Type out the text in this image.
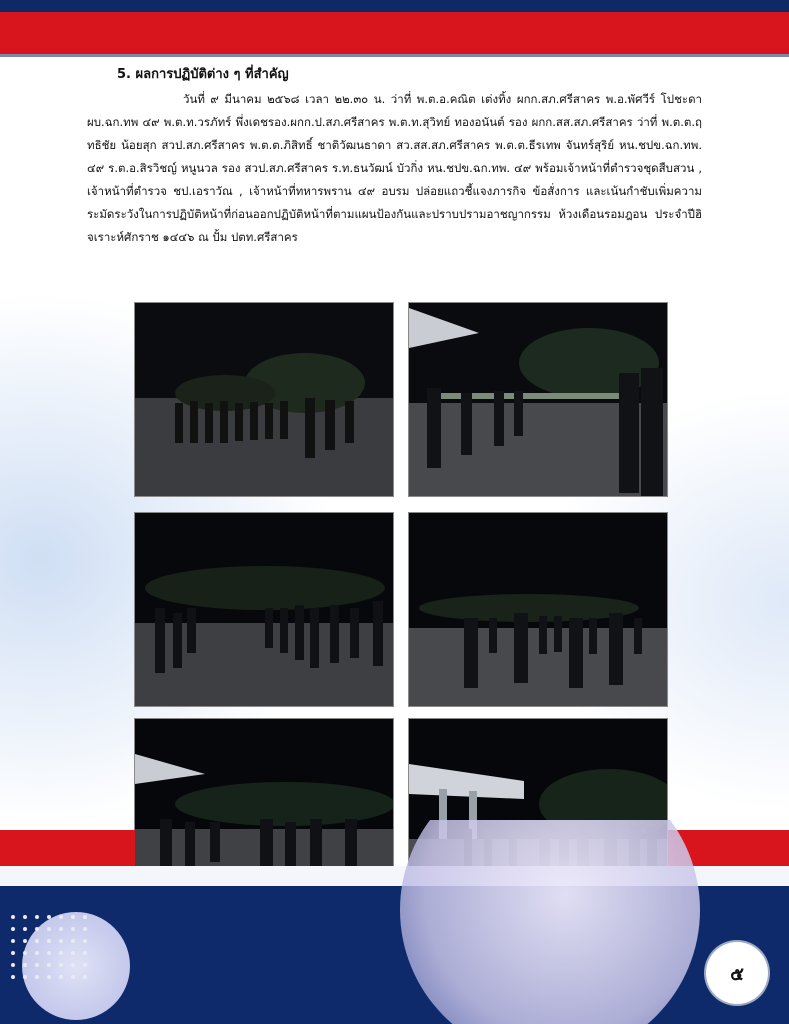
5. ผลการปฏิบัติต่าง ๆ ที่สำคัญ

วันที่ ๙ มีนาคม ๒๕๖๘ เวลา ๒๒.๓๐ น. ว่าที่ พ.ต.อ.คณิต เต่งทิ้ง ผกก.สภ.ศรีสาคร พ.อ.พัศวีร์ โปชะดา ผบ.ฉก.ทพ ๔๙ พ.ต.ท.วรภัทร์ พึ่งเดชรอง.ผกก.ป.สภ.ศรีสาคร พ.ต.ท.สุวิทย์ ทองอนันต์ รอง ผกก.สส.สภ.ศรีสาคร ว่าที่ พ.ต.ต.ฤทธิชัย น้อยสุก สวป.สภ.ศรีสาคร พ.ต.ต.ภิสิทธิ์ ชาติวัฒนธาดา สว.สส.สภ.ศรีสาคร พ.ต.ต.ธีรเทพ จันทร์สุริย์ หน.ชปข.ฉก.ทพ. ๔๙ ร.ต.อ.สิรวิชญ์ หนูนวล รอง สวป.สภ.ศรีสาคร ร.ท.ธนวัฒน์ บัวกิ่ง หน.ชปข.ฉก.ทพ. ๔๙ พร้อมเจ้าหน้าที่ตำรวจชุดสืบสวน , เจ้าหน้าที่ตำรวจ ชป.เอราวัณ , เจ้าหน้าที่ทหารพราน ๔๙ อบรม ปล่อยแถวชี้แจงภารกิจ ข้อสั่งการ และเน้นกำชับเพิ่มความระมัดระวังในการปฏิบัติหน้าที่ก่อนออกปฏิบัติหน้าที่ตามแผนป้องกันและปราบปรามอาชญากรรม ห้วงเดือนรอมฎอน ประจำปีฮิจเราะห์ศักราช ๑๔๔๖ ณ ปั้ม ปตท.ศรีสาคร

๕
